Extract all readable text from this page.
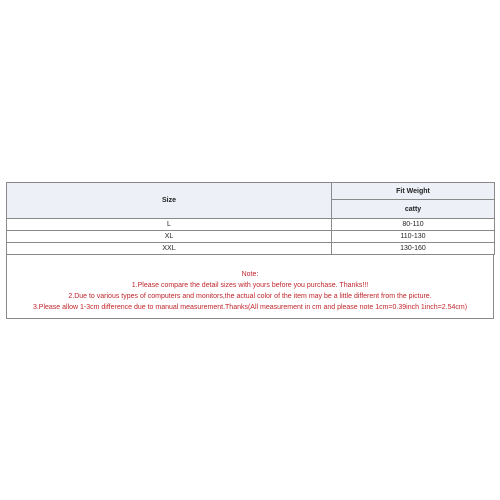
Size	Fit Weight
	catty
L	80-110
XL	110-130
XXL	130-160
Note:
1.Please compare the detail sizes with yours before you purchase. Thanks!!!
2.Due to various types of computers and monitors,the actual color of the item may be a little different from the picture.
3.Please allow 1-3cm difference due to manual measurement.Thanks(All measurement in cm and please note 1cm=0.39inch 1inch=2.54cm)
